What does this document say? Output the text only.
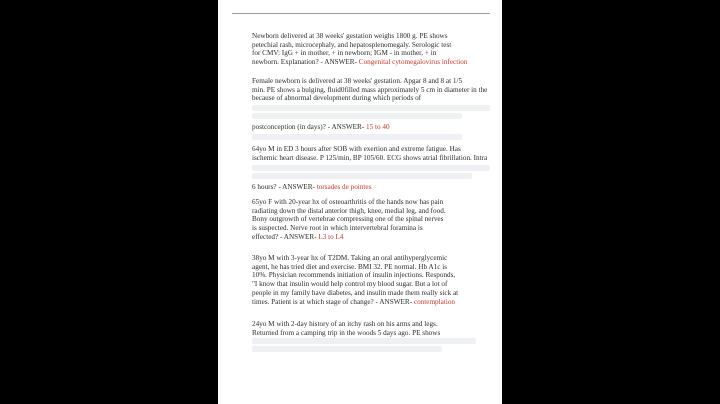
Newborn delivered at 38 weeks' gestation weighs 1800 g. PE shows
petechial rash, microcephaly, and hepatosplenomegaly. Serologic test
for CMV: IgG + in mother, + in newborn; IGM - in mother, + in
newborn. Explanation? - ANSWER- Congenital cytomegalovirus infection
Female newborn is delivered at 38 weeks' gestation. Apgar 8 and 8 at 1/5
min. PE shows a bulging, fluid0filled mass approximately 5 cm in diameter in the
because of abnormal development during which periods of
postconception (in days)? - ANSWER- 15 to 40
64yo M in ED 3 hours after SOB with exertion and extreme fatigue. Has
ischemic heart disease. P 125/min, BP 105/60. ECG shows atrial fibrillation. Intra
6 hours? - ANSWER- torsades de pointes
65yo F with 20-year hx of osteoarthritis of the hands now has pain
radiating down the distal anterior thigh, knee, medial leg, and food.
Bony outgrowth of vertebrae compressing one of the spinal nerves
is suspected. Nerve root in which intervertebral foramina is
effected? - ANSWER- L3 to L4
38yo M with 3-year hx of T2DM. Taking an oral antihyperglycemic
agent, he has tried diet and exercise. BMI 32. PE normal. Hb A1c is
10%. Physician recommends initiation of insulin injections. Responds,
"I know that insulin would help control my blood sugar. But a lot of
people in my family have diabetes, and insulin made them really sick at
times. Patient is at which stage of change? - ANSWER- contemplation
24yo M with 2-day history of an itchy rash on his arms and legs.
Returned from a camping trip in the woods 5 days ago. PE shows
